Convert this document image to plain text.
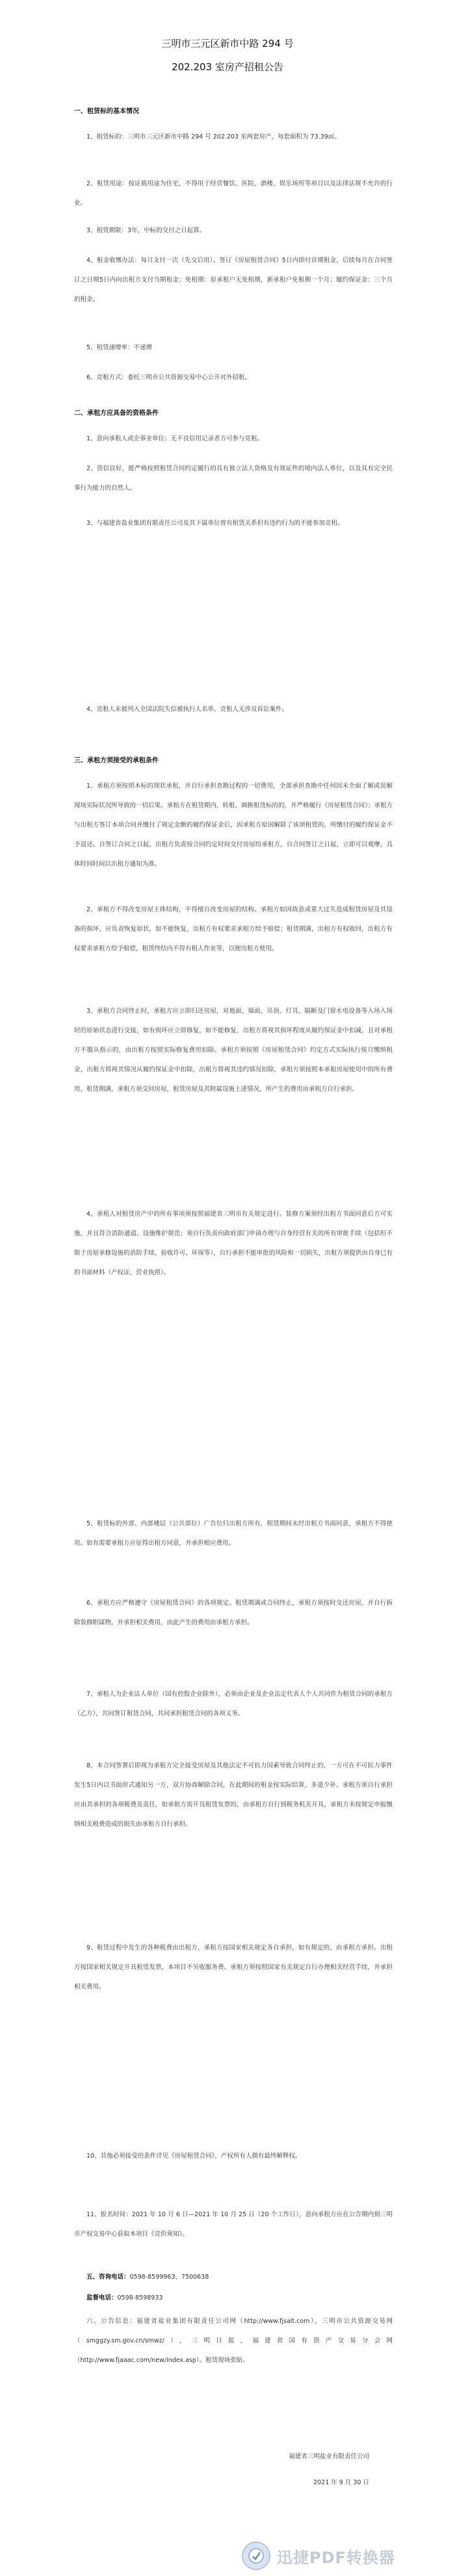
三明市三元区新市中路 294 号
202.203 室房产招租公告
一、租赁标的基本情况
1、租赁标的：三明市三元区新市中路 294 号 202.203 室两套房产，每套面积为 73.39㎡。
2、租赁用途：按证载用途为住宅，不得用于经营餐饮、医院、酒楼、娱乐场所等项目以及法律法规不允许的行业。
3、租赁期限：3年，中标的交付之日起算。
4、租金收缴办法：每月支付一次（先交后用）。签订《房屋租赁合同》5日内即付首期租金，后续每月在合同签订之日期5日内向出租方支付当期租金；免租期：原承租户无免租期，新承租户免租期一个月；履约保证金：三个月的租金。
5、租赁递增率：不递增
6、竞租方式：委托三明市公共资源交易中心公开对外招租。
二、承租方应具备的资格条件
1、意向承租人或企事业单位；无不良信用记录者方可参与竞租。
2、资信良好，能严格按照租赁合同约定履行的具有独立法人资格及有效证件的境内法人单位，以及具有完全民事行为能力的自然人。
3、与福建省盐业集团有限责任公司及其下属单位曾有租赁关系但有违约行为的不能参加竞租。
4、竞租人未被列入全国法院失信被执行人名单，竞租人无涉及诉讼案件。
三、承租方须接受的承租条件
1、承租方须按照本标的现状承租，并自行承担查勘过程的一切费用，全部承担查勘中任何因未全面了解或误解现场实际状况所导致的一切后果。承租方在租赁期内，转租、调换租赁标的的，并严格履行《房屋租赁合同》；承租方与出租方签订本项合同并缴付了规定金额的履约保证金后，因承租方原因解除了该项租赁的，所缴付的履约保证金不予退还。自签订合同之日起，出租方负责按合同约定时间交付房屋给承租方，自合同签订之日起，立即可以观摩，具体时间时间以出租方通知为准。
2、承租方不得改变房屋主体结构，不得擅自改变房屋的结构。承租方如因故意或重大过失造成租赁房屋及其设备的损坏，应负责恢复原状，如不能恢复，出租方有权要求承租方给予赔偿；租赁期满，出租方有权收回，出租方有权要求承租方给予赔偿，租赁终结内不得有租人作业等，以便出租方使用。
3、承租方合同终止时，承租方应立即归还房屋，对地面、墙面、吊顶、灯具、隔断及门窗水电设备等入场入场时的原始状态进行交接，如有损坏应立即修复，如不能修复，出租方将视其损坏程度从履约保证金中扣减，且对承租方不服从指示的，由出租方按照实际修复费用扣除。承租方须按照《房屋租赁合同》约定方式实际执行按月缴纳租金，出租方将视其情况从履约保证金中扣除，出租方将视其违约情况扣除，承租方须按照本承租房屋使用中的所有费用，租赁期满，承租方须交回房屋，租赁房屋及其附属设施上述情况，所产生的费用由承租方自行承担。
4、承租人对租赁房产中的所有事项须按照福建省三明市有关规定进行。装修方案须经出租方书面同意后方可实施，并且符合消防通道、设施维护规范；须自行负责向政府部门申请办理与自身经营有关的所有审批手续（包括但不限于房屋承修设施的消防手续、验收许可、环保等），自行承担不能审批的风险和一切损失，出租方须提供由自身已有的书面材料（产权证、营业执照）。
5、租赁标的外部、内部楼层（公共部位）广告位归出租方所有，租赁期间未经出租方书面同意，承租方不得使用。如有需要承租方应征得出租方同意，并承担相应费用。
6、承租方应严格遵守《房屋租赁合同》的各项规定。租赁期满或合同终止，承租方须按时交还房屋，并自行拆除装修附属物，并承担相关费用，由此产生的费用由承租方承担。
7、承租人为企业法人单位（国有控股企业除外），必须由企业及企业法定代表人个人共同作为租赁合同的承租方（乙方），共同签订租赁合同，共同承担租赁合同的各项义务。
8、本合同签署后即视为承租方完全接受房屋及其他法定不可抗力因素导致合同终止的，一方可在不可抗力事件发生5日内以书面形式通知另一方，双方协商解除合同，在此期间的租金按实际结算，多退少补。承租方须自行承担应由其承担的各项税费及责任，如承租方需开具租赁发票的，由承租方自行到税务机关开具，承租方未按规定申报缴纳相关税费造成的损失由承租方自行承担。
9、租赁过程中发生的各种税费由出租方、承租方按国家相关规定各自承担，如有规定的，由承租方承担。出租方按国家相关规定开具租赁发票，本项目不另收服务费。承租方须按照国家有关规定自行办理相关经营手续，并承担相关费用。
10、其他必须接受的条件详见《房屋租赁合同》，产权所有人拥有最终解释权。
11、报名时间：2021 年 10 月 6 日—2021 年 10 月 25 日（20 个工作日），意向承租方应在公告期内到三明市产权交易中心获取本项目《竞价须知》。
五、咨询电话：0598-8599963、7500638
监督电话：0598-8598933
六、公告信息：福建省盐业集团有限责任公司网（http://www.fjsalt.com），三明市公共资源交易网（smggzy.sm.gov.cn/smwz/），三明日报，福建省国有资产交易分会网（http://www.fjaaac.com/new/index.asp）。租赁现场张贴。
福建省三明盐业有限责任公司
2021 年 9 月 30 日
迅捷PDF转换器
